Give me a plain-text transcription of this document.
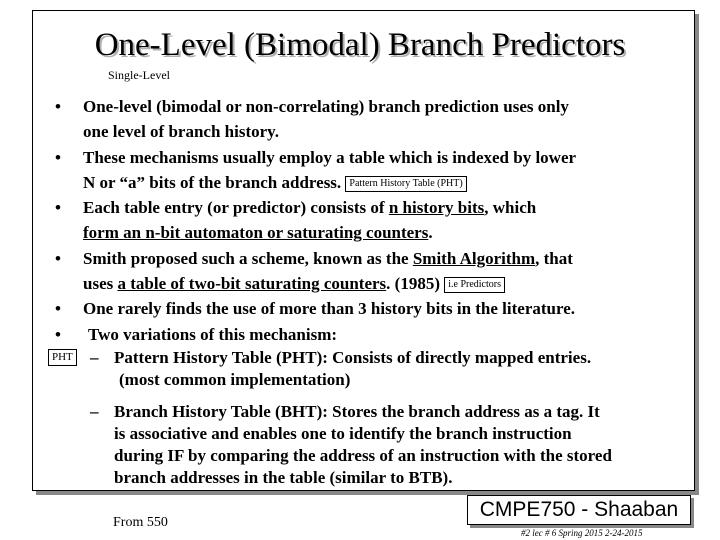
One-Level (Bimodal) Branch Predictors
Single-Level
• One-level (bimodal or non-correlating) branch prediction uses only
one level of branch history.
• These mechanisms usually employ a table which is indexed by lower
N or “a” bits of the branch address. Pattern History Table (PHT)
• Each table entry (or predictor) consists of n history bits, which
form an n-bit automaton or saturating counters.
• Smith proposed such a scheme, known as the Smith Algorithm, that
uses a table of two-bit saturating counters. (1985) i.e Predictors
• One rarely finds the use of more than 3 history bits in the literature.
• Two variations of this mechanism:
PHT – Pattern History Table (PHT): Consists of directly mapped entries.
(most common implementation)
– Branch History Table (BHT): Stores the branch address as a tag. It
is associative and enables one to identify the branch instruction
during IF by comparing the address of an instruction with the stored
branch addresses in the table (similar to BTB).
From 550
CMPE750 - Shaaban
#2 lec # 6 Spring 2015 2-24-2015
